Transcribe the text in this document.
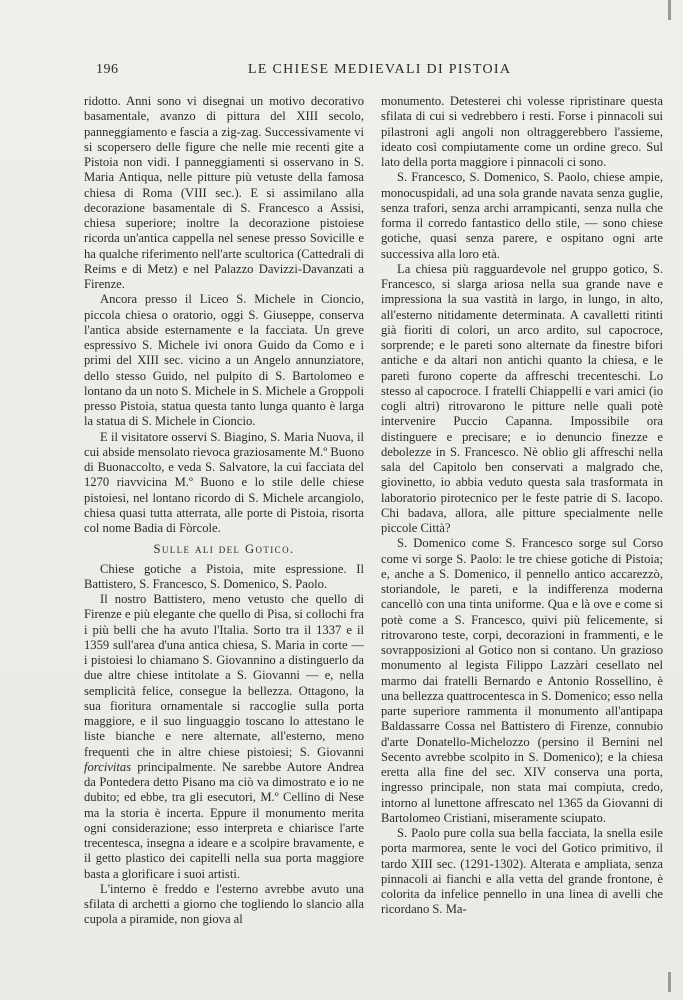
196	LE CHIESE MEDIEVALI DI PISTOIA

ridotto. Anni sono vi disegnai un motivo decorativo basamentale, avanzo di pittura del XIII secolo, panneggiamento e fascia a zig-zag. Successivamente vi si scopersero delle figure che nelle mie recenti gite a Pistoia non vidi. I panneggiamenti si osservano in S. Maria Antiqua, nelle pitture più vetuste della famosa chiesa di Roma (VIII sec.). E si assimilano alla decorazione basamentale di S. Francesco a Assisi, chiesa superiore; inoltre la decorazione pistoiese ricorda un'antica cappella nel senese presso Sovicille e ha qualche riferimento nell'arte scultorica (Cattedrali di Reims e di Metz) e nel Palazzo Davizzi-Davanzati a Firenze.

Ancora presso il Liceo S. Michele in Cioncio, piccola chiesa o oratorio, oggi S. Giuseppe, conserva l'antica abside esternamente e la facciata. Un greve espressivo S. Michele ivi onora Guido da Como e i primi del XIII sec. vicino a un Angelo annunziatore, dello stesso Guido, nel pulpito di S. Bartolomeo e lontano da un noto S. Michele in S. Michele a Groppoli presso Pistoia, statua questa tanto lunga quanto è larga la statua di S. Michele in Cioncio.

E il visitatore osservi S. Biagino, S. Maria Nuova, il cui abside mensolato rievoca graziosamente M.º Buono di Buonaccolto, e veda S. Salvatore, la cui facciata del 1270 riavvicina M.º Buono e lo stile delle chiese pistoiesi, nel lontano ricordo di S. Michele arcangiolo, chiesa quasi tutta atterrata, alle porte di Pistoia, risorta col nome Badia di Fòrcole.

Sulle ali del Gotico.

Chiese gotiche a Pistoia, mite espressione. Il Battistero, S. Francesco, S. Domenico, S. Paolo.

Il nostro Battistero, meno vetusto che quello di Firenze e più elegante che quello di Pisa, si collochi fra i più belli che ha avuto l'Italia. Sorto tra il 1337 e il 1359 sull'area d'una antica chiesa, S. Maria in corte — i pistoiesi lo chiamano S. Giovannino a distinguerlo da due altre chiese intitolate a S. Giovanni — e, nella semplicità felice, consegue la bellezza. Ottagono, la sua fioritura ornamentale si raccoglie sulla porta maggiore, e il suo linguaggio toscano lo attestano le liste bianche e nere alternate, all'esterno, meno frequenti che in altre chiese pistoiesi; S. Giovanni forcivitas principalmente. Ne sarebbe Autore Andrea da Pontedera detto Pisano ma ciò va dimostrato e io ne dubito; ed ebbe, tra gli esecutori, M.º Cellino di Nese ma la storia è incerta. Eppure il monumento merita ogni considerazione; esso interpreta e chiarisce l'arte trecentesca, insegna a ideare e a scolpire bravamente, e il getto plastico dei capitelli nella sua porta maggiore basta a glorificare i suoi artisti.

L'interno è freddo e l'esterno avrebbe avuto una sfilata di archetti a giorno che togliendo lo slancio alla cupola a piramide, non giova al

monumento. Detesterei chi volesse ripristinare questa sfilata di cui si vedrebbero i resti. Forse i pinnacoli sui pilastroni agli angoli non oltraggerebbero l'assieme, ideato così compiutamente come un ordine greco. Sul lato della porta maggiore i pinnacoli ci sono.

S. Francesco, S. Domenico, S. Paolo, chiese ampie, monocuspidali, ad una sola grande navata senza guglie, senza trafori, senza archi arrampicanti, senza nulla che forma il corredo fantastico dello stile, — sono chiese gotiche, quasi senza parere, e ospitano ogni arte successiva alla loro età.

La chiesa più ragguardevole nel gruppo gotico, S. Francesco, si slarga ariosa nella sua grande nave e impressiona la sua vastità in largo, in lungo, in alto, all'esterno nitidamente determinata. A cavalletti ritinti già fioriti di colori, un arco ardito, sul capocroce, sorprende; e le pareti sono alternate da finestre bifori antiche e da altari non antichi quanto la chiesa, e le pareti furono coperte da affreschi trecenteschi. Lo stesso al capocroce. I fratelli Chiappelli e vari amici (io cogli altri) ritrovarono le pitture nelle quali potè intervenire Puccio Capanna. Impossibile ora distinguere e precisare; e io denuncio finezze e debolezze in S. Francesco. Nè oblio gli affreschi nella sala del Capitolo ben conservati a malgrado che, giovinetto, io abbia veduto questa sala trasformata in laboratorio pirotecnico per le feste patrie di S. Iacopo. Chi badava, allora, alle pitture specialmente nelle piccole Città?

S. Domenico come S. Francesco sorge sul Corso come vi sorge S. Paolo: le tre chiese gotiche di Pistoia; e, anche a S. Domenico, il pennello antico accarezzò, storiandole, le pareti, e la indifferenza moderna cancellò con una tinta uniforme. Qua e là ove e come si potè come a S. Francesco, quivi più felicemente, si ritrovarono teste, corpi, decorazioni in frammenti, e le sovrapposizioni al Gotico non si contano. Un grazioso monumento al legista Filippo Lazzàri cesellato nel marmo dai fratelli Bernardo e Antonio Rossellino, è una bellezza quattrocentesca in S. Domenico; esso nella parte superiore rammenta il monumento all'antipapa Baldassarre Cossa nel Battistero di Firenze, connubio d'arte Donatello-Michelozzo (persino il Bernini nel Secento avrebbe scolpito in S. Domenico); e la chiesa eretta alla fine del sec. XIV conserva una porta, ingresso principale, non stata mai compiuta, credo, intorno al lunettone affrescato nel 1365 da Giovanni di Bartolomeo Cristiani, miseramente sciupato.

S. Paolo pure colla sua bella facciata, la snella esile porta marmorea, sente le voci del Gotico primitivo, il tardo XIII sec. (1291-1302). Alterata e ampliata, senza pinnacoli ai fianchi e alla vetta del grande frontone, è colorita da infelice pennello in una linea di avelli che ricordano S. Ma-
